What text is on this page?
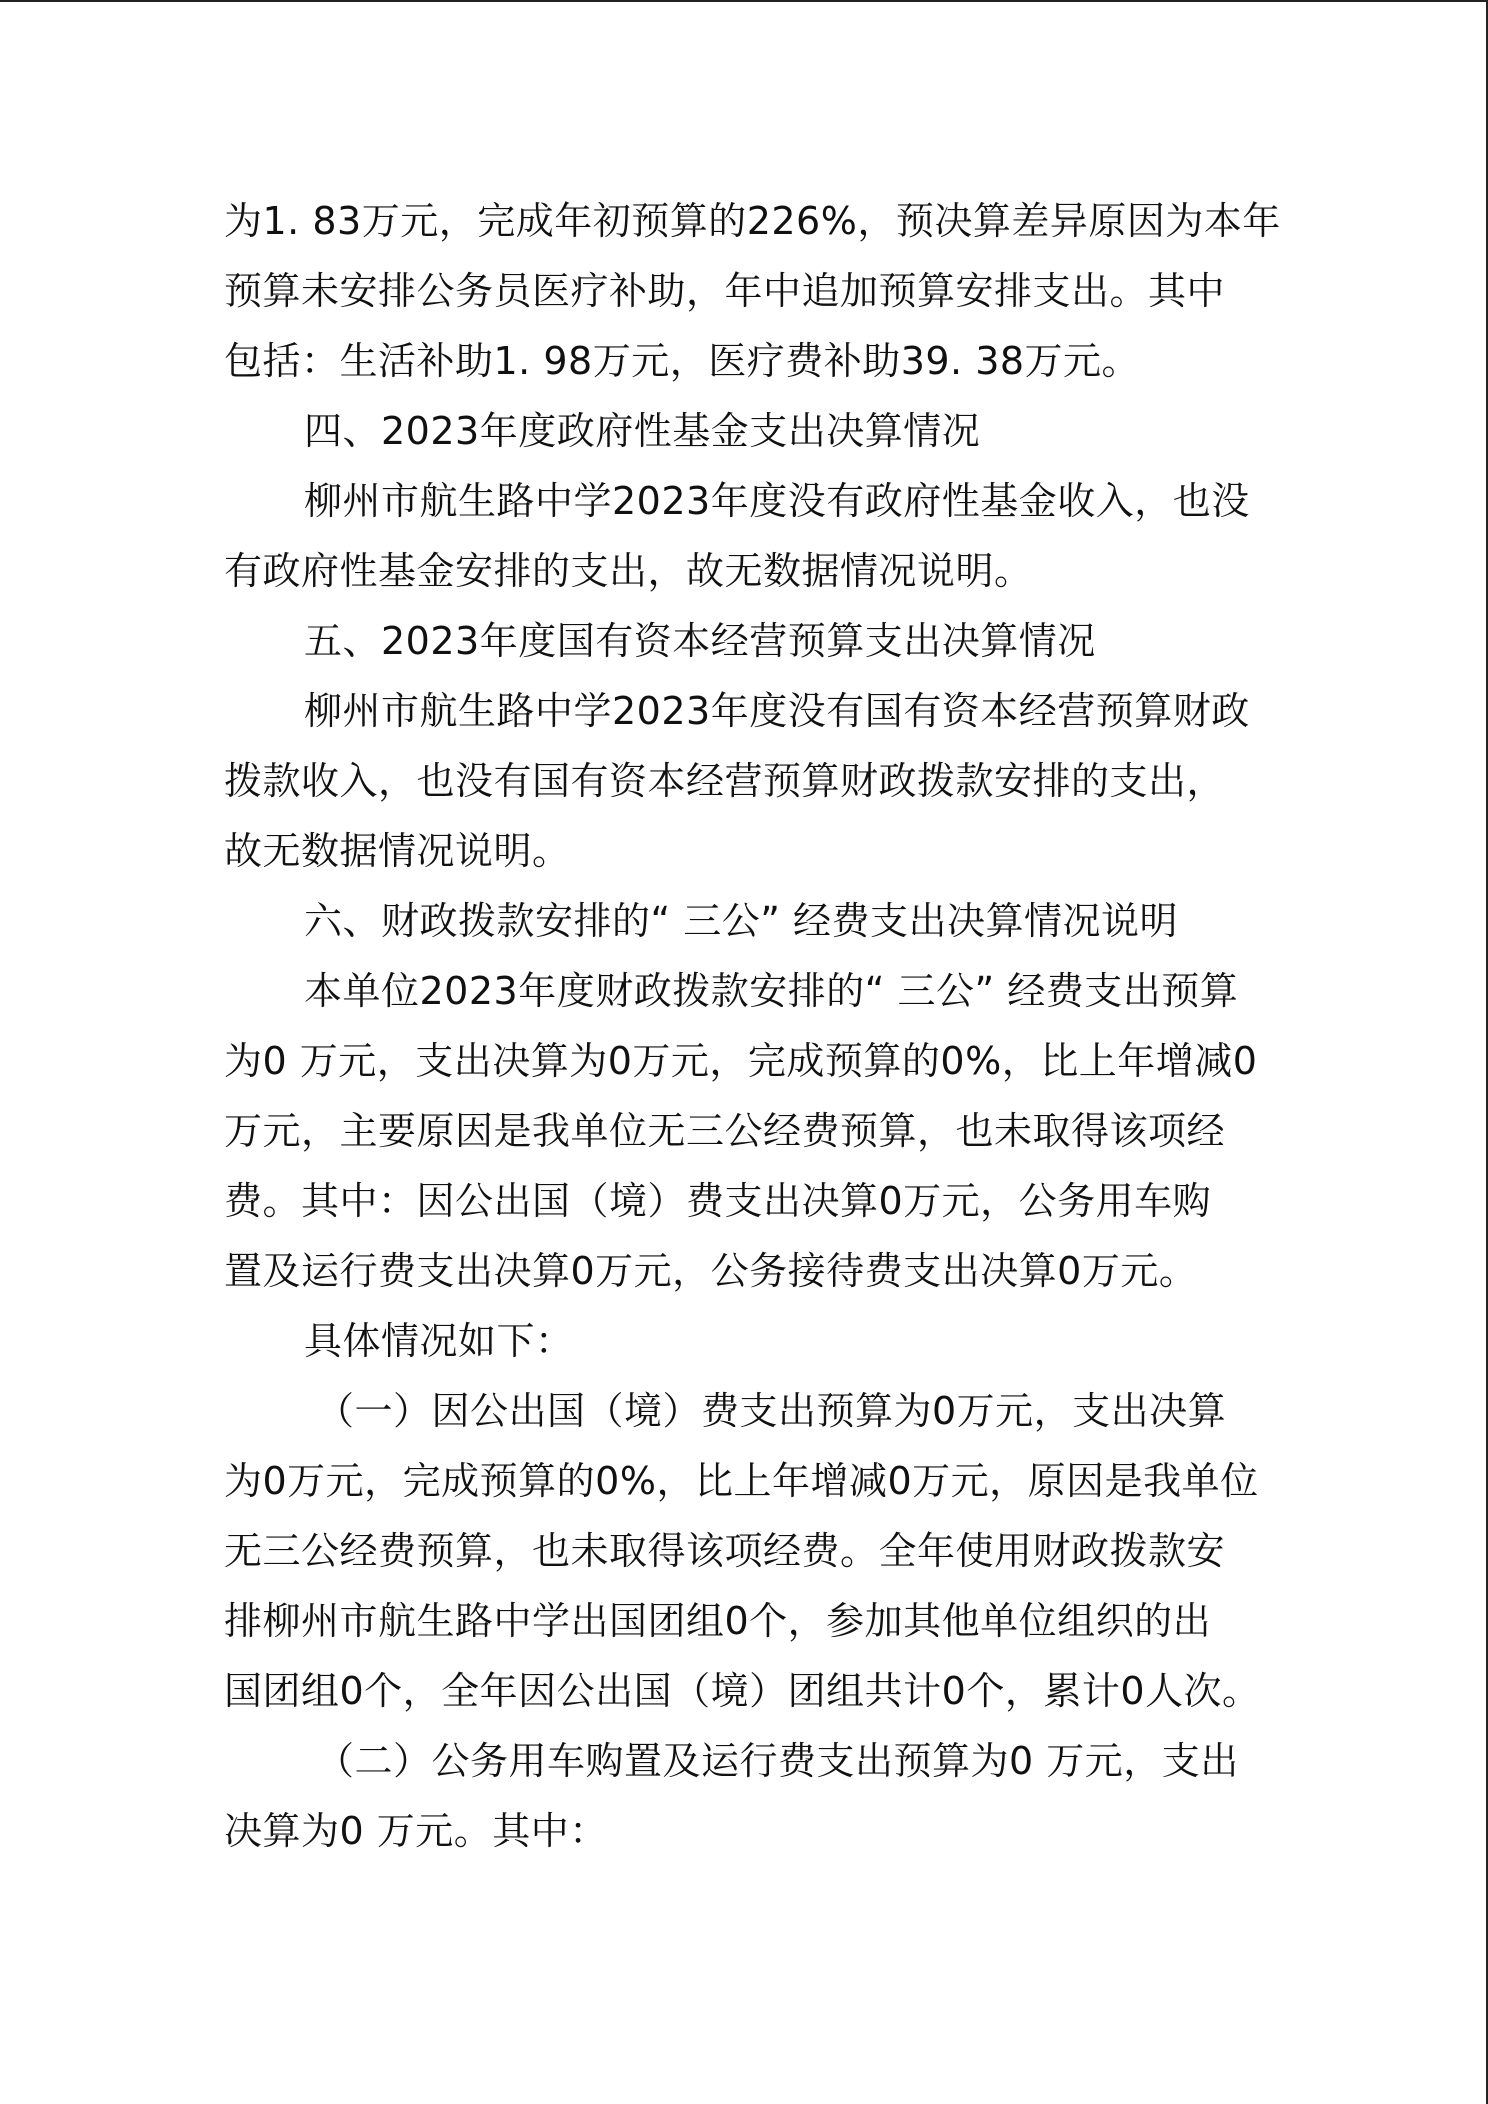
为1. 83万元，完成年初预算的226%，预决算差异原因为本年
预算未安排公务员医疗补助，年中追加预算安排支出。其中
包括：生活补助1. 98万元，医疗费补助39. 38万元。
四、2023年度政府性基金支出决算情况
柳州市航生路中学2023年度没有政府性基金收入，也没
有政府性基金安排的支出，故无数据情况说明。
五、2023年度国有资本经营预算支出决算情况
柳州市航生路中学2023年度没有国有资本经营预算财政
拨款收入，也没有国有资本经营预算财政拨款安排的支出，
故无数据情况说明。
六、财政拨款安排的“ 三公” 经费支出决算情况说明
本单位2023年度财政拨款安排的“ 三公” 经费支出预算
为0 万元，支出决算为0万元，完成预算的0%，比上年增减0
万元，主要原因是我单位无三公经费预算，也未取得该项经
费。其中：因公出国（境）费支出决算0万元，公务用车购
置及运行费支出决算0万元，公务接待费支出决算0万元。
具体情况如下：
（一）因公出国（境）费支出预算为0万元，支出决算
为0万元，完成预算的0%，比上年增减0万元，原因是我单位
无三公经费预算，也未取得该项经费。全年使用财政拨款安
排柳州市航生路中学出国团组0个，参加其他单位组织的出
国团组0个，全年因公出国（境）团组共计0个，累计0人次。
（二）公务用车购置及运行费支出预算为0 万元，支出
决算为0 万元。其中：
